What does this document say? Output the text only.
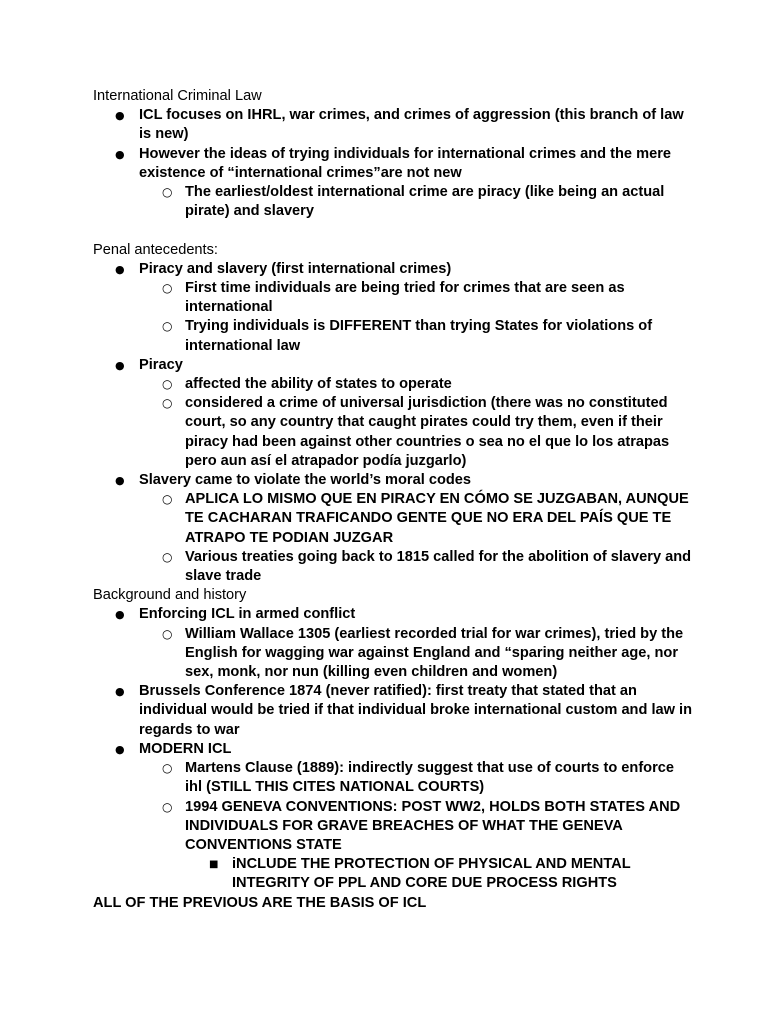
International Criminal Law
● ICL focuses on IHRL, war crimes, and crimes of aggression (this branch of law is new)
● However the ideas of trying individuals for international crimes and the mere existence of “international crimes”are not new
○ The earliest/oldest international crime are piracy (like being an actual pirate) and slavery
Penal antecedents:
● Piracy and slavery (first international crimes)
○ First time individuals are being tried for crimes that are seen as international
○ Trying individuals is DIFFERENT than trying States for violations of international law
● Piracy
○ affected the ability of states to operate
○ considered a crime of universal jurisdiction (there was no constituted court, so any country that caught pirates could try them, even if their piracy had been against other countries o sea no el que lo los atrapas pero aun así el atrapador podía juzgarlo)
● Slavery came to violate the world’s moral codes
○ APLICA LO MISMO QUE EN PIRACY EN CÓMO SE JUZGABAN, AUNQUE TE CACHARAN TRAFICANDO GENTE QUE NO ERA DEL PAÍS QUE TE ATRAPO TE PODIAN JUZGAR
○ Various treaties going back to 1815 called for the abolition of slavery and slave trade
Background and history
● Enforcing ICL in armed conflict
○ William Wallace 1305 (earliest recorded trial for war crimes), tried by the English for wagging war against England and “sparing neither age, nor sex, monk, nor nun (killing even children and women)
● Brussels Conference 1874 (never ratified): first treaty that stated that an individual would be tried if that individual broke international custom and law in regards to war
● MODERN ICL
○ Martens Clause (1889): indirectly suggest that use of courts to enforce ihl (STILL THIS CITES NATIONAL COURTS)
○ 1994 GENEVA CONVENTIONS: POST WW2, HOLDS BOTH STATES AND INDIVIDUALS FOR GRAVE BREACHES OF WHAT THE GENEVA CONVENTIONS STATE
■ iNCLUDE THE PROTECTION OF PHYSICAL AND MENTAL INTEGRITY OF PPL AND CORE DUE PROCESS RIGHTS
ALL OF THE PREVIOUS ARE THE BASIS OF ICL
